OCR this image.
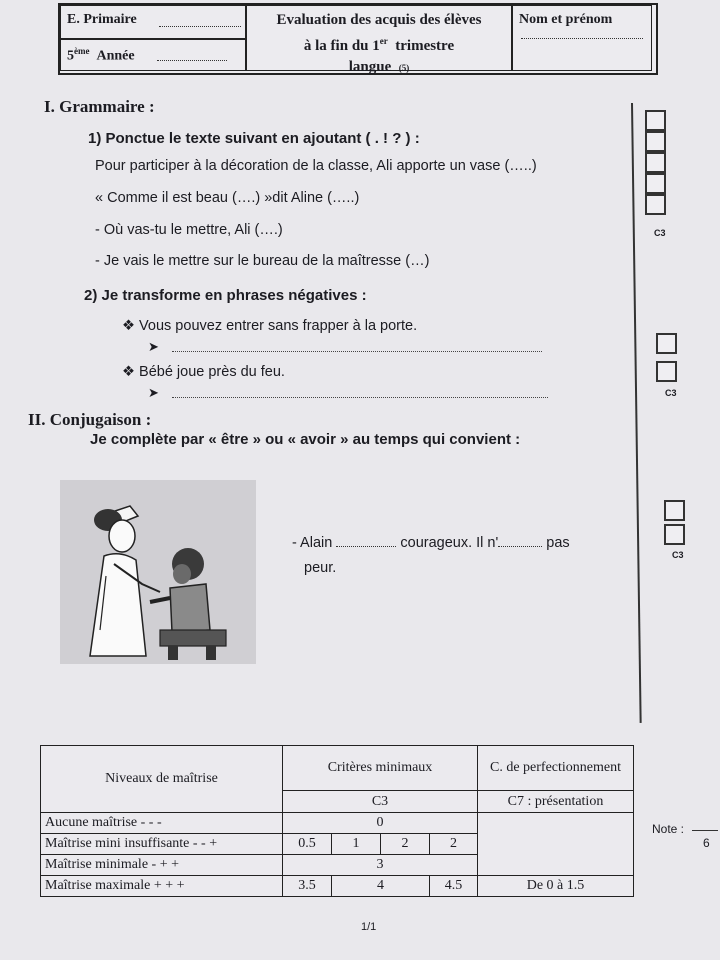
E. Primaire
5ème Année
Evaluation des acquis des élèves
à la fin du 1er trimestre
langue (5)
Nom et prénom
I. Grammaire :
1) Ponctue le texte suivant en ajoutant ( . ! ? ) :
Pour participer à la décoration de la classe, Ali apporte un vase (…..)
« Comme il est beau (….) »dit Aline (…..)
- Où vas-tu le mettre, Ali (….)
- Je vais le mettre sur le bureau de la maîtresse (…)
2) Je transforme en phrases négatives :
❖ Vous pouvez entrer sans frapper à la porte.
➤
❖ Bébé joue près du feu.
➤
II. Conjugaison :
Je complète par « être » ou « avoir » au temps qui convient :
- Alain	courageux. Il n'	pas
peur.
C3
C3
C3
Niveaux de maîtrise	Critères minimaux				C. de perfectionnement
	C3				C7 : présentation
Aucune maîtrise - - -	0				
Maîtrise mini insuffisante - - +	0.5	1	2	2	
Maîtrise minimale - + +	3				
Maîtrise maximale + + +	3.5	4		4.5	De 0 à 1.5
Note :
6
1/1
